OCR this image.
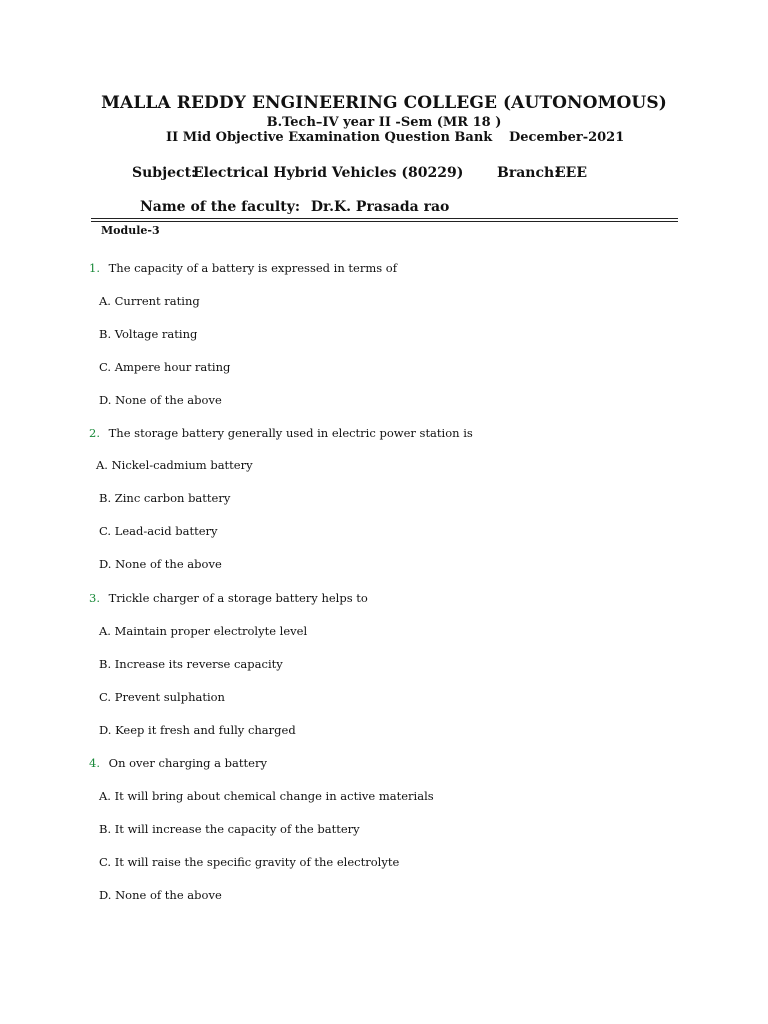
MALLA REDDY ENGINEERING COLLEGE (AUTONOMOUS)
B.Tech–IV year II -Sem (MR 18 )
II Mid Objective Examination Question Bank December-2021
Subject:
Electrical Hybrid Vehicles (80229) Branch:
EEE
Name of the faculty: Dr.K. Prasada rao
Module-3
1. The capacity of a battery is expressed in terms of
A. Current rating
B. Voltage rating
C. Ampere hour rating
D. None of the above
2. The storage battery generally used in electric power station is
A. Nickel-cadmium battery
B. Zinc carbon battery
C. Lead-acid battery
D. None of the above
3. Trickle charger of a storage battery helps to
A. Maintain proper electrolyte level
B. Increase its reverse capacity
C. Prevent sulphation
D. Keep it fresh and fully charged
4. On over charging a battery
A. It will bring about chemical change in active materials
B. It will increase the capacity of the battery
C. It will raise the specific gravity of the electrolyte
D. None of the above
